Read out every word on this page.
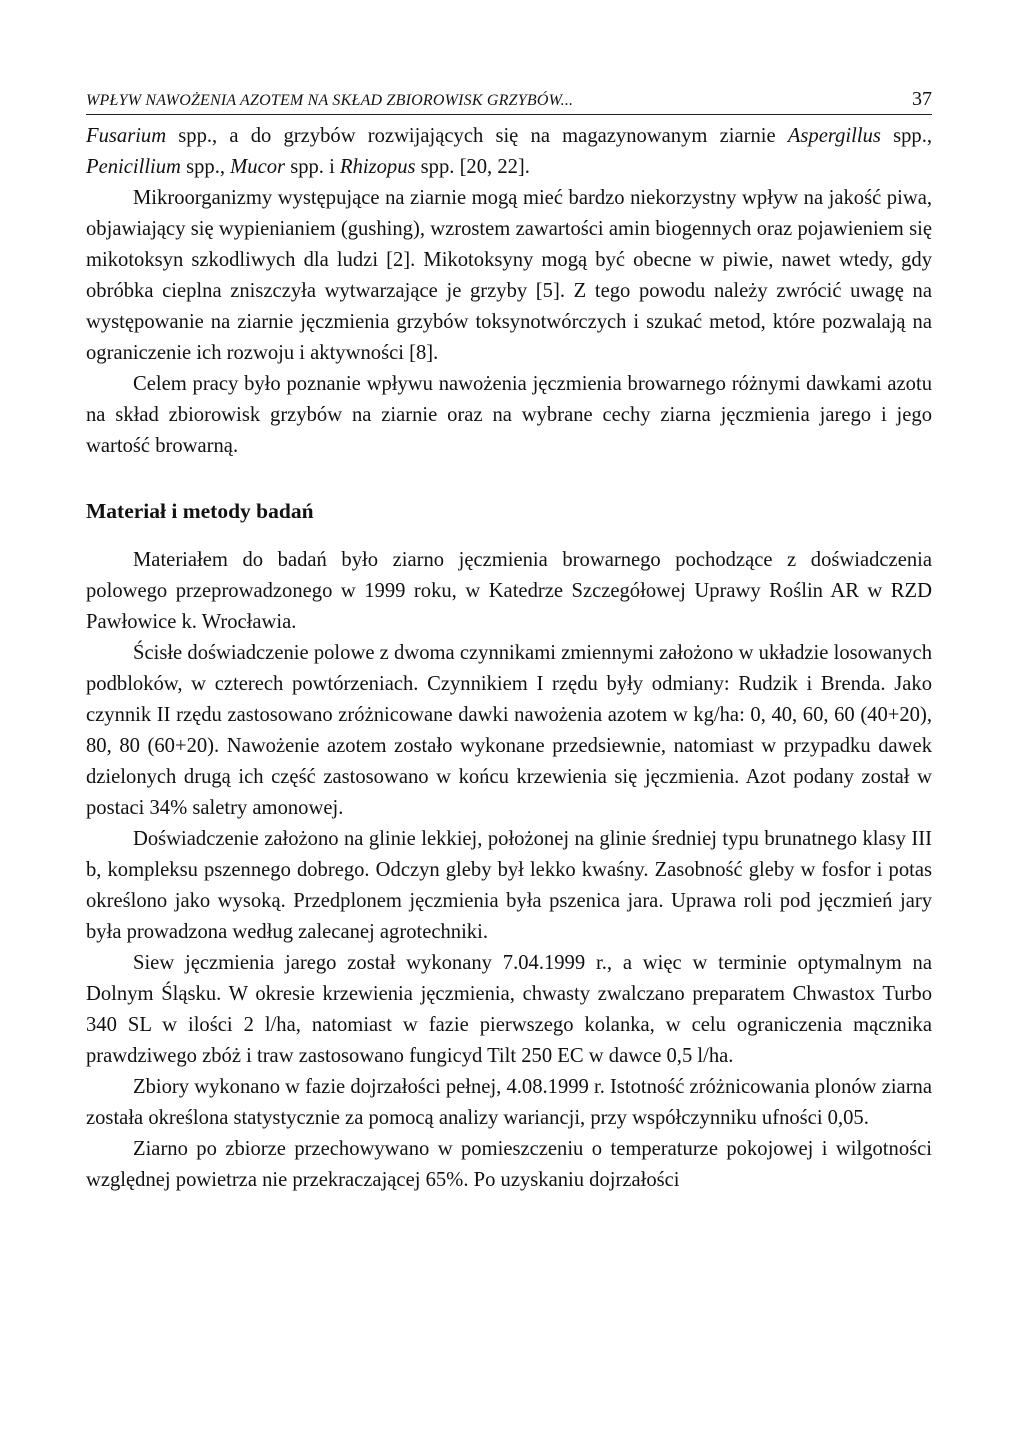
WPŁYW NAWOŻENIA AZOTEM NA SKŁAD ZBIOROWISK GRZYBÓW...	37

Fusarium spp., a do grzybów rozwijających się na magazynowanym ziarnie Aspergillus spp., Penicillium spp., Mucor spp. i Rhizopus spp. [20, 22].

Mikroorganizmy występujące na ziarnie mogą mieć bardzo niekorzystny wpływ na jakość piwa, objawiający się wypienianiem (gushing), wzrostem zawartości amin biogennych oraz pojawieniem się mikotoksyn szkodliwych dla ludzi [2]. Mikotoksyny mogą być obecne w piwie, nawet wtedy, gdy obróbka cieplna zniszczyła wytwarzające je grzyby [5]. Z tego powodu należy zwrócić uwagę na występowanie na ziarnie jęczmienia grzybów toksynotwórczych i szukać metod, które pozwalają na ograniczenie ich rozwoju i aktywności [8].

Celem pracy było poznanie wpływu nawożenia jęczmienia browarnego różnymi dawkami azotu na skład zbiorowisk grzybów na ziarnie oraz na wybrane cechy ziarna jęczmienia jarego i jego wartość browarną.

Materiał i metody badań

Materiałem do badań było ziarno jęczmienia browarnego pochodzące z doświadczenia polowego przeprowadzonego w 1999 roku, w Katedrze Szczegółowej Uprawy Roślin AR w RZD Pawłowice k. Wrocławia.

Ścisłe doświadczenie polowe z dwoma czynnikami zmiennymi założono w układzie losowanych podbloków, w czterech powtórzeniach. Czynnikiem I rzędu były odmiany: Rudzik i Brenda. Jako czynnik II rzędu zastosowano zróżnicowane dawki nawożenia azotem w kg/ha: 0, 40, 60, 60 (40+20), 80, 80 (60+20). Nawożenie azotem zostało wykonane przedsiewnie, natomiast w przypadku dawek dzielonych drugą ich część zastosowano w końcu krzewienia się jęczmienia. Azot podany został w postaci 34% saletry amonowej.

Doświadczenie założono na glinie lekkiej, położonej na glinie średniej typu brunatnego klasy III b, kompleksu pszennego dobrego. Odczyn gleby był lekko kwaśny. Zasobność gleby w fosfor i potas określono jako wysoką. Przedplonem jęczmienia była pszenica jara. Uprawa roli pod jęczmień jary była prowadzona według zalecanej agrotechniki.

Siew jęczmienia jarego został wykonany 7.04.1999 r., a więc w terminie optymalnym na Dolnym Śląsku. W okresie krzewienia jęczmienia, chwasty zwalczano preparatem Chwastox Turbo 340 SL w ilości 2 l/ha, natomiast w fazie pierwszego kolanka, w celu ograniczenia mącznika prawdziwego zbóż i traw zastosowano fungicyd Tilt 250 EC w dawce 0,5 l/ha.

Zbiory wykonano w fazie dojrzałości pełnej, 4.08.1999 r. Istotność zróżnicowania plonów ziarna została określona statystycznie za pomocą analizy wariancji, przy współczynniku ufności 0,05.

Ziarno po zbiorze przechowywano w pomieszczeniu o temperaturze pokojowej i wilgotności względnej powietrza nie przekraczającej 65%. Po uzyskaniu dojrzałości
